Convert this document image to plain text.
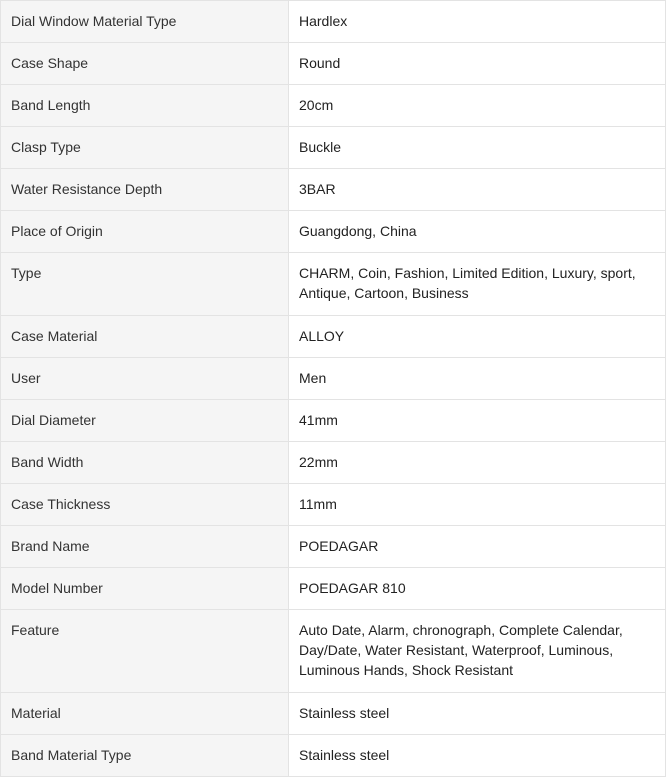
Dial Window Material Type	Hardlex
Case Shape	Round
Band Length	20cm
Clasp Type	Buckle
Water Resistance Depth	3BAR
Place of Origin	Guangdong, China
Type	CHARM, Coin, Fashion, Limited Edition, Luxury, sport, Antique, Cartoon, Business
Case Material	ALLOY
User	Men
Dial Diameter	41mm
Band Width	22mm
Case Thickness	11mm
Brand Name	POEDAGAR
Model Number	POEDAGAR 810
Feature	Auto Date, Alarm, chronograph, Complete Calendar, Day/Date, Water Resistant, Waterproof, Luminous, Luminous Hands, Shock Resistant
Material	Stainless steel
Band Material Type	Stainless steel
